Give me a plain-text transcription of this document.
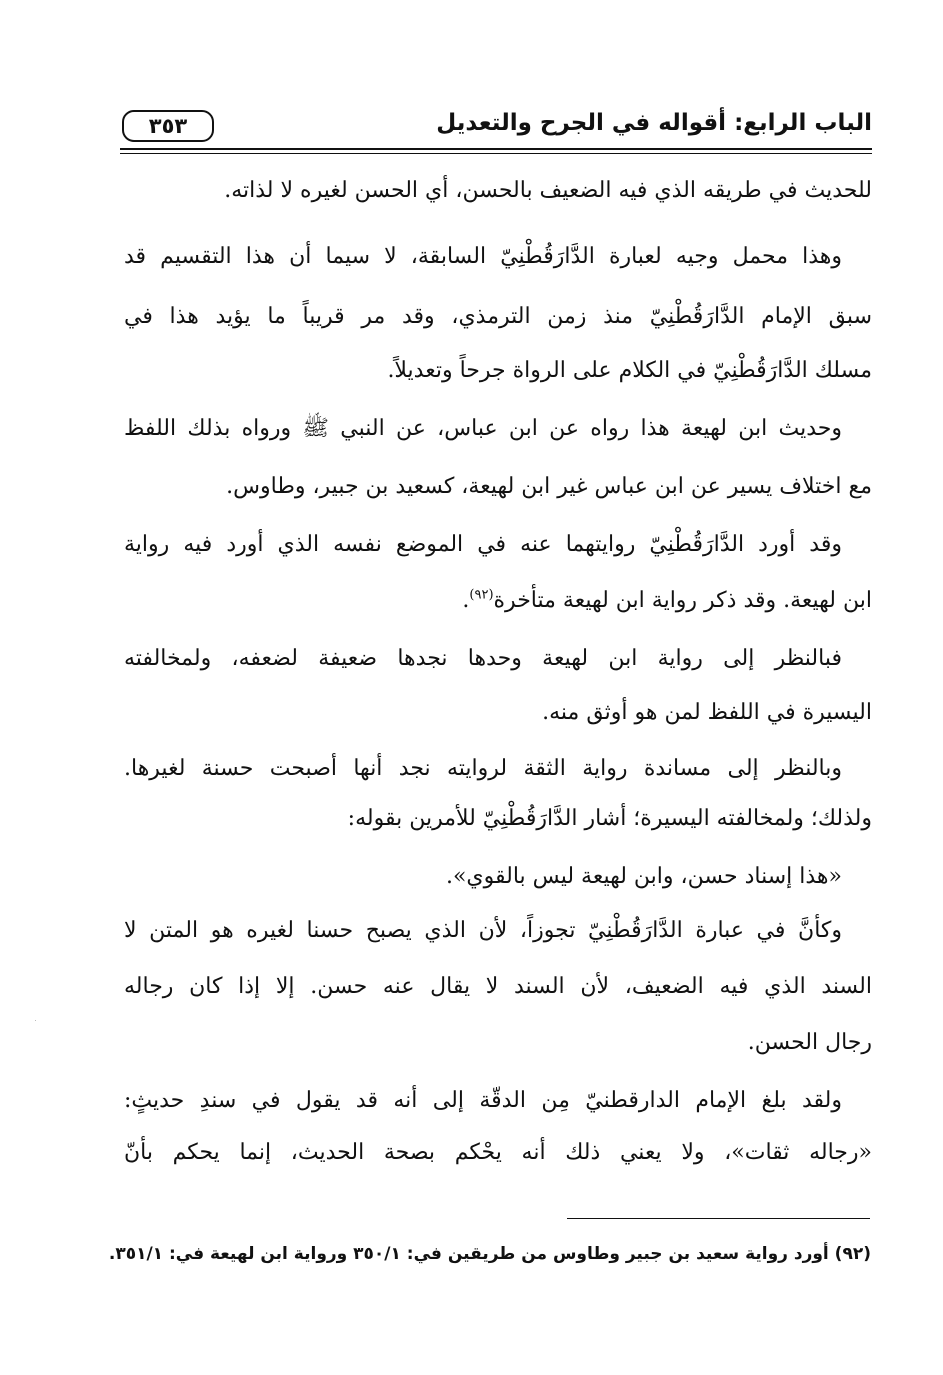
الباب الرابع: أقواله في الجرح والتعديل
٣٥٣
للحديث في طريقه الذي فيه الضعيف بالحسن، أي الحسن لغيره لا لذاته.
وهذا محمل وجيه لعبارة الدَّارَقُطْنِيّ السابقة، لا سيما أن هذا التقسيم قد
سبق الإمام الدَّارَقُطْنِيّ منذ زمن الترمذي، وقد مر قريباً ما يؤيد هذا في
مسلك الدَّارَقُطْنِيّ في الكلام على الرواة جرحاً وتعديلاً.
وحديث ابن لهيعة هذا رواه عن ابن عباس، عن النبي ﷺ ورواه بذلك اللفظ
مع اختلاف يسير عن ابن عباس غير ابن لهيعة، كسعيد بن جبير، وطاوس.
وقد أورد الدَّارَقُطْنِيّ روايتهما عنه في الموضع نفسه الذي أورد فيه رواية
ابن لهيعة. وقد ذكر رواية ابن لهيعة متأخرة$^{(٩٢)}$.
فبالنظر إلى رواية ابن لهيعة وحدها نجدها ضعيفة لضعفه، ولمخالفته
اليسيرة في اللفظ لمن هو أوثق منه.
وبالنظر إلى مساندة رواية الثقة لروايته نجد أنها أصبحت حسنة لغيرها.
ولذلك؛ ولمخالفته اليسيرة؛ أشار الدَّارَقُطْنِيّ للأمرين بقوله:
«هذا إسناد حسن، وابن لهيعة ليس بالقوي».
وكأنَّ في عبارة الدَّارَقُطْنِيّ تجوزاً، لأن الذي يصبح حسنا لغيره هو المتن لا
السند الذي فيه الضعيف، لأن السند لا يقال عنه حسن. إلا إذا كان رجاله
رجال الحسن.
ولقد بلغ الإمام الدارقطنيّ مِن الدقّة إلى أنه قد يقول في سندِ حديثٍ:
«رجاله ثقات»، ولا يعني ذلك أنه يحْكم بصحة الحديث، إنما يحكم بأنّ
(٩٢) أورد رواية سعيد بن جبير وطاوس من طريقين في: ٣٥٠/١ ورواية ابن لهيعة في: ٣٥١/١.
